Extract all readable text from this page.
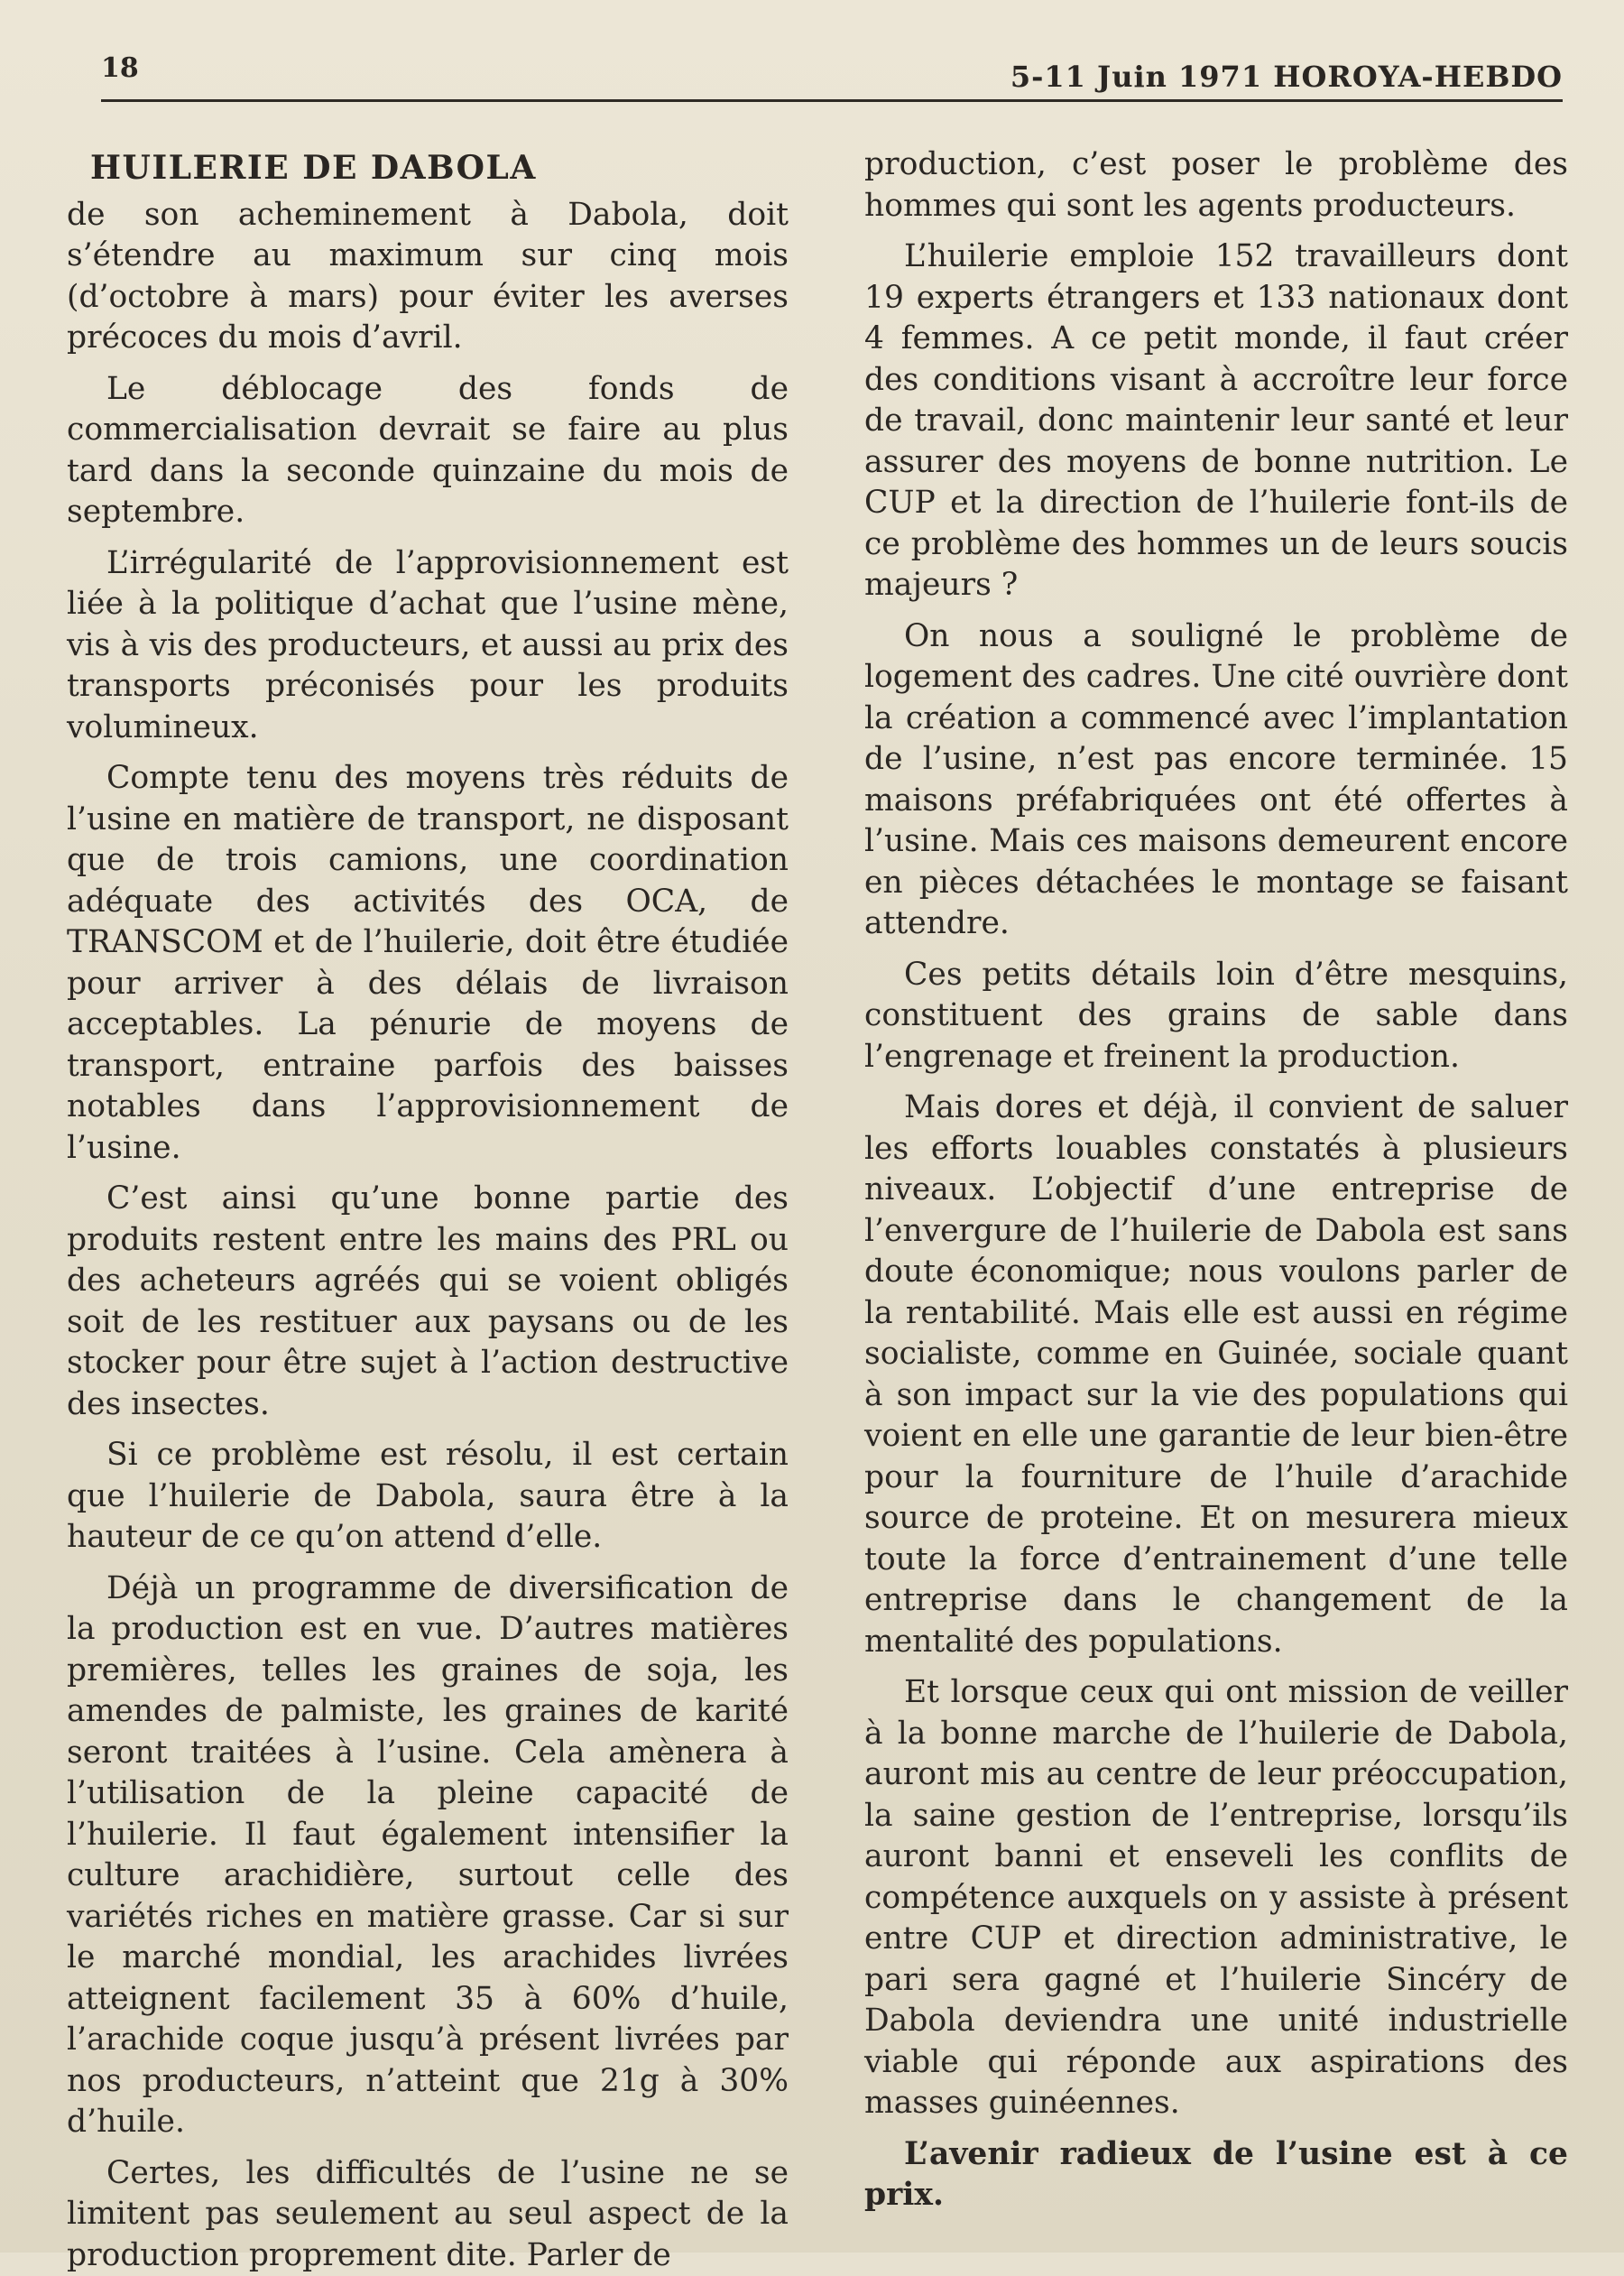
18	5-11 Juin 1971 HOROYA-HEBDO
HUILERIE DE DABOLA

de son acheminement à Dabola, doit s’étendre au maximum sur cinq mois (d’octobre à mars) pour éviter les averses précoces du mois d’avril.

Le déblocage des fonds de commercialisation devrait se faire au plus tard dans la seconde quinzaine du mois de septembre.

L’irrégularité de l’approvisionnement est liée à la politique d’achat que l’usine mène, vis à vis des producteurs, et aussi au prix des transports préconisés pour les produits volumineux.

Compte tenu des moyens très réduits de l’usine en matière de transport, ne disposant que de trois camions, une coordination adéquate des activités des OCA, de TRANSCOM et de l’huilerie, doit être étudiée pour arriver à des délais de livraison acceptables. La pénurie de moyens de transport, entraine parfois des baisses notables dans l’approvisionnement de l’usine.

C’est ainsi qu’une bonne partie des produits restent entre les mains des PRL ou des acheteurs agréés qui se voient obligés soit de les restituer aux paysans ou de les stocker pour être sujet à l’action destructive des insectes.

Si ce problème est résolu, il est certain que l’huilerie de Dabola, saura être à la hauteur de ce qu’on attend d’elle.

Déjà un programme de diversification de la production est en vue. D’autres matières premières, telles les graines de soja, les amendes de palmiste, les graines de karité seront traitées à l’usine. Cela amènera à l’utilisation de la pleine capacité de l’huilerie. Il faut également intensifier la culture arachidière, surtout celle des variétés riches en matière grasse. Car si sur le marché mondial, les arachides livrées atteignent facilement 35 à 60% d’huile, l’arachide coque jusqu’à présent livrées par nos producteurs, n’atteint que 21g à 30% d’huile.

Certes, les difficultés de l’usine ne se limitent pas seulement au seul aspect de la production proprement dite. Parler de

production, c’est poser le problème des hommes qui sont les agents producteurs.

L’huilerie emploie 152 travailleurs dont 19 experts étrangers et 133 nationaux dont 4 femmes. A ce petit monde, il faut créer des conditions visant à accroître leur force de travail, donc maintenir leur santé et leur assurer des moyens de bonne nutrition. Le CUP et la direction de l’huilerie font-ils de ce problème des hommes un de leurs soucis majeurs ?

On nous a souligné le problème de logement des cadres. Une cité ouvrière dont la création a commencé avec l’implantation de l’usine, n’est pas encore terminée. 15 maisons préfabriquées ont été offertes à l’usine. Mais ces maisons demeurent encore en pièces détachées le montage se faisant attendre.

Ces petits détails loin d’être mesquins, constituent des grains de sable dans l’engrenage et freinent la production.

Mais dores et déjà, il convient de saluer les efforts louables constatés à plusieurs niveaux. L’objectif d’une entreprise de l’envergure de l’huilerie de Dabola est sans doute économique; nous voulons parler de la rentabilité. Mais elle est aussi en régime socialiste, comme en Guinée, sociale quant à son impact sur la vie des populations qui voient en elle une garantie de leur bien-être pour la fourniture de l’huile d’arachide source de proteine. Et on mesurera mieux toute la force d’entrainement d’une telle entreprise dans le changement de la mentalité des populations.

Et lorsque ceux qui ont mission de veiller à la bonne marche de l’huilerie de Dabola, auront mis au centre de leur préoccupation, la saine gestion de l’entreprise, lorsqu’ils auront banni et enseveli les conflits de compétence auxquels on y assiste à présent entre CUP et direction administrative, le pari sera gagné et l’huilerie Sincéry de Dabola deviendra une unité industrielle viable qui réponde aux aspirations des masses guinéennes.

L’avenir radieux de l’usine est à ce prix.
